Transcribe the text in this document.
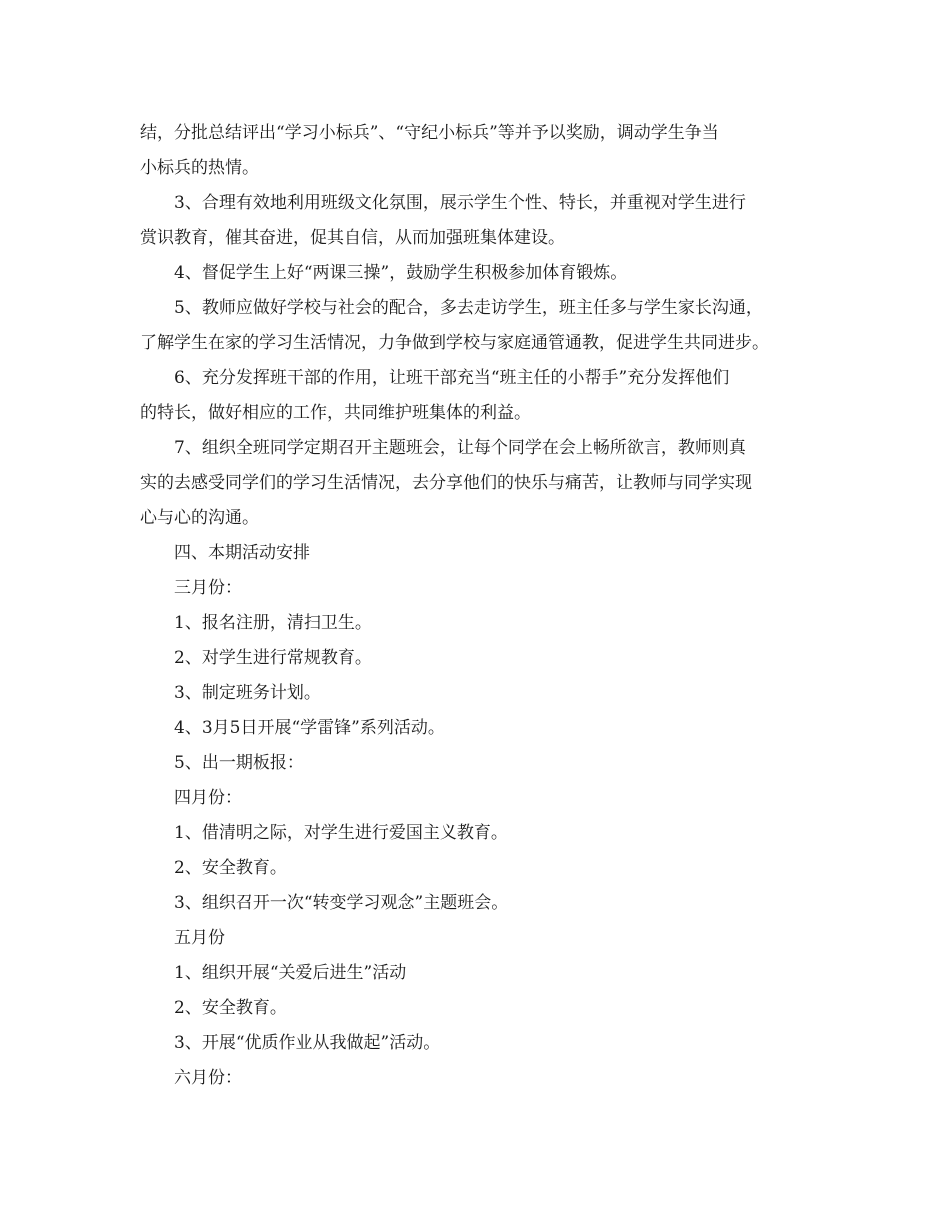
结，分批总结评出“学习小标兵”、“守纪小标兵”等并予以奖励，调动学生争当
小标兵的热情。
3、合理有效地利用班级文化氛围，展示学生个性、特长，并重视对学生进行
赏识教育，催其奋进，促其自信，从而加强班集体建设。
4、督促学生上好“两课三操”，鼓励学生积极参加体育锻炼。
5、教师应做好学校与社会的配合，多去走访学生，班主任多与学生家长沟通，
了解学生在家的学习生活情况，力争做到学校与家庭通管通教，促进学生共同进步。
6、充分发挥班干部的作用，让班干部充当“班主任的小帮手”充分发挥他们
的特长，做好相应的工作，共同维护班集体的利益。
7、组织全班同学定期召开主题班会，让每个同学在会上畅所欲言，教师则真
实的去感受同学们的学习生活情况，去分享他们的快乐与痛苦，让教师与同学实现
心与心的沟通。
四、本期活动安排
三月份：
1、报名注册，清扫卫生。
2、对学生进行常规教育。
3、制定班务计划。
4、3月5日开展“学雷锋”系列活动。
5、出一期板报：
四月份：
1、借清明之际，对学生进行爱国主义教育。
2、安全教育。
3、组织召开一次“转变学习观念”主题班会。
五月份
1、组织开展“关爱后进生”活动
2、安全教育。
3、开展“优质作业从我做起”活动。
六月份：
